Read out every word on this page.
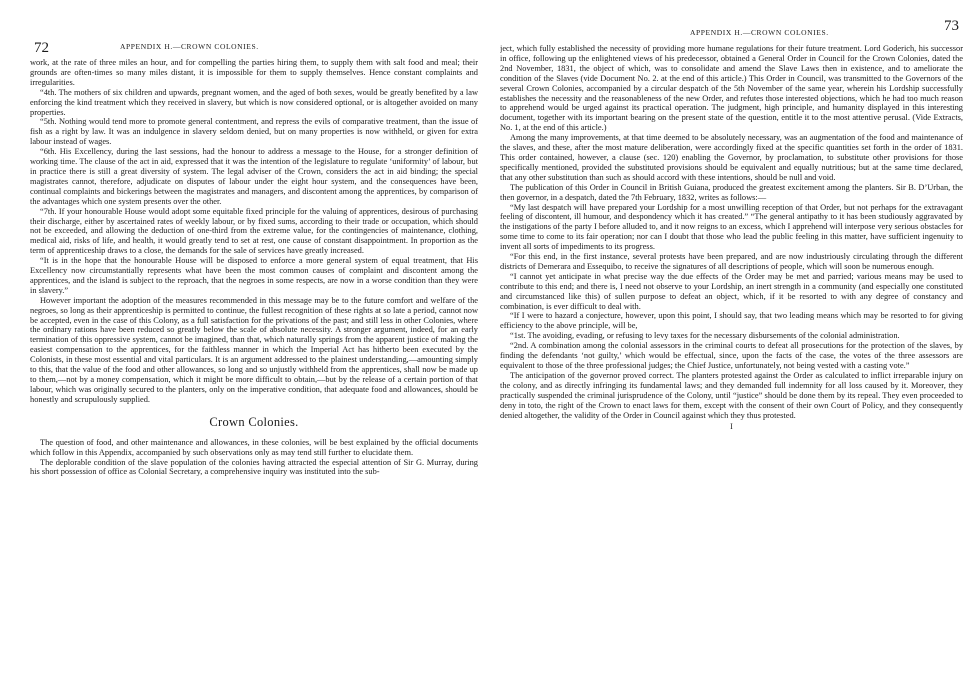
72	APPENDIX H.—CROWN COLONIES.

work, at the rate of three miles an hour, and for compelling the parties hiring them, to supply them with salt food and meal; their grounds are often-times so many miles distant, it is impossible for them to supply themselves. Hence constant complaints and irregularities.

“4th. The mothers of six children and upwards, pregnant women, and the aged of both sexes, would be greatly benefited by a law enforcing the kind treatment which they received in slavery, but which is now considered optional, or is altogether avoided on many properties.

“5th. Nothing would tend more to promote general contentment, and repress the evils of comparative treatment, than the issue of fish as a right by law. It was an indulgence in slavery seldom denied, but on many properties is now withheld, or given for extra labour instead of wages.

“6th. His Excellency, during the last sessions, had the honour to address a message to the House, for a stronger definition of working time. The clause of the act in aid, expressed that it was the intention of the legislature to regulate ‘uniformity’ of labour, but in practice there is still a great diversity of system. The legal adviser of the Crown, considers the act in aid binding; the special magistrates cannot, therefore, adjudicate on disputes of labour under the eight hour system, and the consequences have been, continual complaints and bickerings between the magistrates and managers, and discontent among the apprentices, by comparison of the advantages which one system presents over the other.

“7th. If your honourable House would adopt some equitable fixed principle for the valuing of apprentices, desirous of purchasing their discharge, either by ascertained rates of weekly labour, or by fixed sums, according to their trade or occupation, which should not be exceeded, and allowing the deduction of one-third from the extreme value, for the contingencies of maintenance, clothing, medical aid, risks of life, and health, it would greatly tend to set at rest, one cause of constant disappointment. In proportion as the term of apprenticeship draws to a close, the demands for the sale of services have greatly increased.

“It is in the hope that the honourable House will be disposed to enforce a more general system of equal treatment, that His Excellency now circumstantially represents what have been the most common causes of complaint and discontent among the apprentices, and the island is subject to the reproach, that the negroes in some respects, are now in a worse condition than they were in slavery.”

However important the adoption of the measures recommended in this message may be to the future comfort and welfare of the negroes, so long as their apprenticeship is permitted to continue, the fullest recognition of these rights at so late a period, cannot now be accepted, even in the case of this Colony, as a full satisfaction for the privations of the past; and still less in other Colonies, where the ordinary rations have been reduced so greatly below the scale of absolute necessity. A stronger argument, indeed, for an early termination of this oppressive system, cannot be imagined, than that, which naturally springs from the apparent justice of making the easiest compensation to the apprentices, for the faithless manner in which the Imperial Act has hitherto been executed by the Colonists, in these most essential and vital particulars. It is an argument addressed to the plainest understanding,—amounting simply to this, that the value of the food and other allowances, so long and so unjustly withheld from the apprentices, shall now be made up to them,—not by a money compensation, which it might be more difficult to obtain,—but by the release of a certain portion of that labour, which was originally secured to the planters, only on the imperative condition, that adequate food and allowances, should be honestly and scrupulously supplied.

Crown Colonies.

The question of food, and other maintenance and allowances, in these colonies, will be best explained by the official documents which follow in this Appendix, accompanied by such observations only as may tend still further to elucidate them.

The deplorable condition of the slave population of the colonies having attracted the especial attention of Sir G. Murray, during his short possession of office as Colonial Secretary, a comprehensive inquiry was instituted into the sub-

APPENDIX H.—CROWN COLONIES.	73

ject, which fully established the necessity of providing more humane regulations for their future treatment. Lord Goderich, his successor in office, following up the enlightened views of his predecessor, obtained a General Order in Council for the Crown Colonies, dated the 2nd November, 1831, the object of which, was to consolidate and amend the Slave Laws then in existence, and to ameliorate the condition of the Slaves (vide Document No. 2. at the end of this article.) This Order in Council, was transmitted to the Governors of the several Crown Colonies, accompanied by a circular despatch of the 5th November of the same year, wherein his Lordship successfully establishes the necessity and the reasonableness of the new Order, and refutes those interested objections, which he had too much reason to apprehend would be urged against its practical operation. The judgment, high principle, and humanity displayed in this interesting document, together with its important bearing on the present state of the question, entitle it to the most attentive perusal. (Vide Extracts, No. 1, at the end of this article.)

Among the many improvements, at that time deemed to be absolutely necessary, was an augmentation of the food and maintenance of the slaves, and these, after the most mature deliberation, were accordingly fixed at the specific quantities set forth in the order of 1831. This order contained, however, a clause (sec. 120) enabling the Governor, by proclamation, to substitute other provisions for those specifically mentioned, provided the substituted provisions should be equivalent and equally nutritious; but at the same time declared, that any other substitution than such as should accord with these intentions, should be null and void.

The publication of this Order in Council in British Guiana, produced the greatest excitement among the planters. Sir B. D’Urban, the then governor, in a despatch, dated the 7th February, 1832, writes as follows:—

“My last despatch will have prepared your Lordship for a most unwilling reception of that Order, but not perhaps for the extravagant feeling of discontent, ill humour, and despondency which it has created.” “The general antipathy to it has been studiously aggravated by the instigations of the party I before alluded to, and it now reigns to an excess, which I apprehend will interpose very serious obstacles for some time to come to its fair operation; nor can I doubt that those who lead the public feeling in this matter, have sufficient ingenuity to invent all sorts of impediments to its progress.

“For this end, in the first instance, several protests have been prepared, and are now industriously circulating through the different districts of Demerara and Essequibo, to receive the signatures of all descriptions of people, which will soon be numerous enough.

“I cannot yet anticipate in what precise way the due effects of the Order may be met and parried; various means may be used to contribute to this end; and there is, I need not observe to your Lordship, an inert strength in a community (and especially one constituted and circumstanced like this) of sullen purpose to defeat an object, which, if it be resorted to with any degree of constancy and combination, is ever difficult to deal with.

“If I were to hazard a conjecture, however, upon this point, I should say, that two leading means which may be resorted to for giving efficiency to the above principle, will be,

“1st. The avoiding, evading, or refusing to levy taxes for the necessary disbursements of the colonial administration.

“2nd. A combination among the colonial assessors in the criminal courts to defeat all prosecutions for the protection of the slaves, by finding the defendants ‘not guilty,’ which would be effectual, since, upon the facts of the case, the votes of the three assessors are equivalent to those of the three professional judges; the Chief Justice, unfortunately, not being vested with a casting vote.”

The anticipation of the governor proved correct. The planters protested against the Order as calculated to inflict irreparable injury on the colony, and as directly infringing its fundamental laws; and they demanded full indemnity for all loss caused by it. Moreover, they practically suspended the criminal jurisprudence of the Colony, until “justice” should be done them by its repeal. They even proceeded to deny in toto, the right of the Crown to enact laws for them, except with the consent of their own Court of Policy, and they consequently denied altogether, the validity of the Order in Council against which they thus protested.

I
